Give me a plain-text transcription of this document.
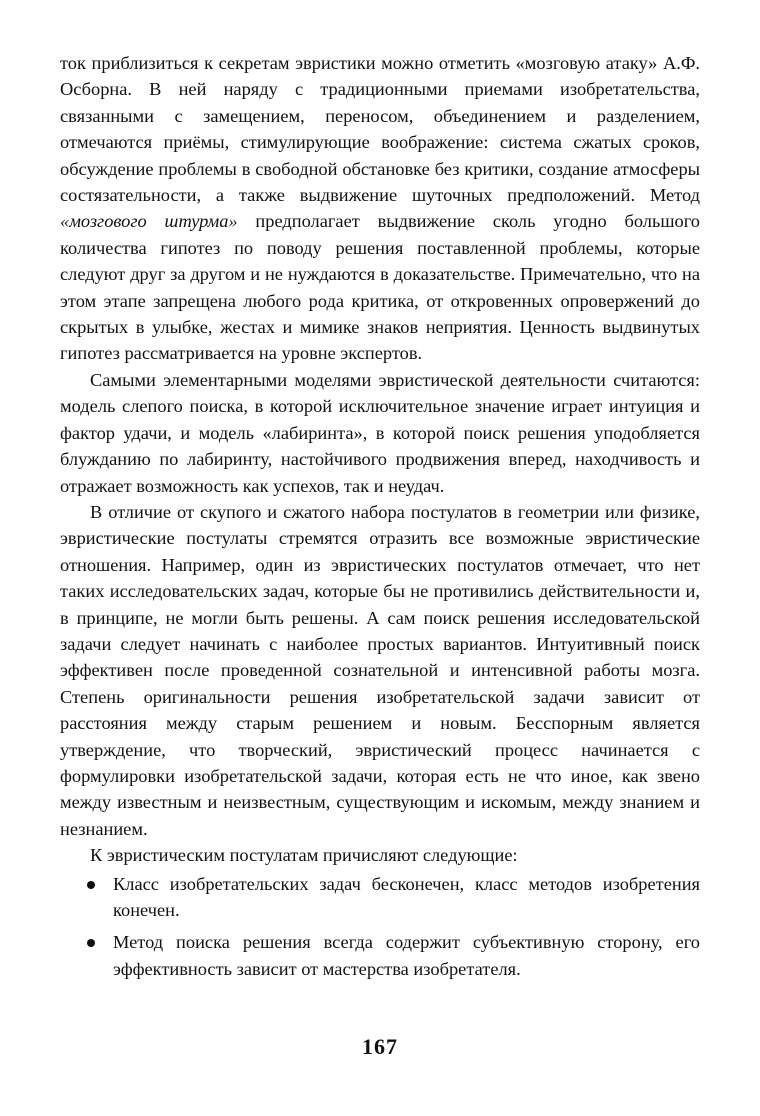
ток приблизиться к секретам эвристики можно отметить «мозговую атаку» А.Ф. Осборна. В ней наряду с традиционными приемами изобретательства, связанными с замещением, переносом, объединением и разделением, отмечаются приёмы, стимулирующие воображение: система сжатых сроков, обсуждение проблемы в свободной обстановке без критики, создание атмосферы состязательности, а также выдвижение шуточных предположений. Метод «мозгового штурма» предполагает выдвижение сколь угодно большого количества гипотез по поводу решения поставленной проблемы, которые следуют друг за другом и не нуждаются в доказательстве. Примечательно, что на этом этапе запрещена любого рода критика, от откровенных опровержений до скрытых в улыбке, жестах и мимике знаков неприятия. Ценность выдвинутых гипотез рассматривается на уровне экспертов.

Самыми элементарными моделями эвристической деятельности считаются: модель слепого поиска, в которой исключительное значение играет интуиция и фактор удачи, и модель «лабиринта», в которой поиск решения уподобляется блужданию по лабиринту, настойчивого продвижения вперед, находчивость и отражает возможность как успехов, так и неудач.

В отличие от скупого и сжатого набора постулатов в геометрии или физике, эвристические постулаты стремятся отразить все возможные эвристические отношения. Например, один из эвристических постулатов отмечает, что нет таких исследовательских задач, которые бы не противились действительности и, в принципе, не могли быть решены. А сам поиск решения исследовательской задачи следует начинать с наиболее простых вариантов. Интуитивный поиск эффективен после проведенной сознательной и интенсивной работы мозга. Степень оригинальности решения изобретательской задачи зависит от расстояния между старым решением и новым. Бесспорным является утверждение, что творческий, эвристический процесс начинается с формулировки изобретательской задачи, которая есть не что иное, как звено между известным и неизвестным, существующим и искомым, между знанием и незнанием.

К эвристическим постулатам причисляют следующие:

Класс изобретательских задач бесконечен, класс методов изобретения конечен.
Метод поиска решения всегда содержит субъективную сторону, его эффективность зависит от мастерства изобретателя.
167
